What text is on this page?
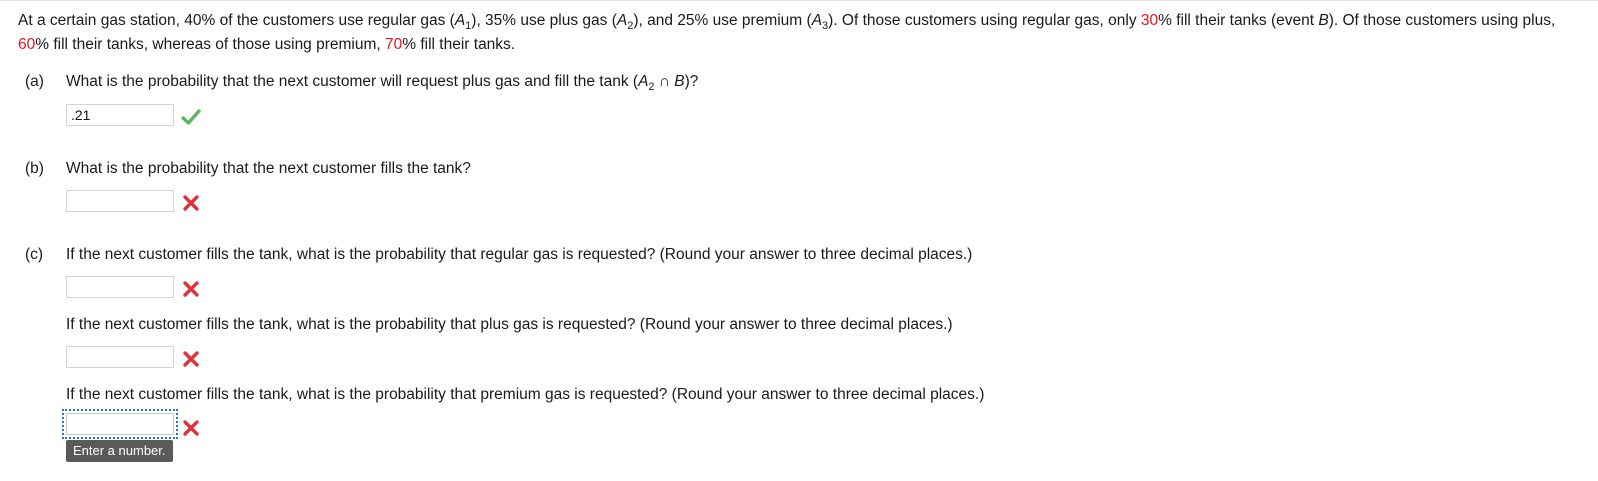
At a certain gas station, 40% of the customers use regular gas $(A_1)$, 35% use plus gas $(A_2)$, and 25% use premium $(A_3)$. Of those customers using regular gas, only 30% fill their tanks (event B). Of those customers using plus, 60% fill their tanks, whereas of those using premium, 70% fill their tanks.
(a) What is the probability that the next customer will request plus gas and fill the tank ($A_2$ ∩ B)?
.21
(b) What is the probability that the next customer fills the tank?
(c) If the next customer fills the tank, what is the probability that regular gas is requested? (Round your answer to three decimal places.)
If the next customer fills the tank, what is the probability that plus gas is requested? (Round your answer to three decimal places.)
If the next customer fills the tank, what is the probability that premium gas is requested? (Round your answer to three decimal places.)
Enter a number.
